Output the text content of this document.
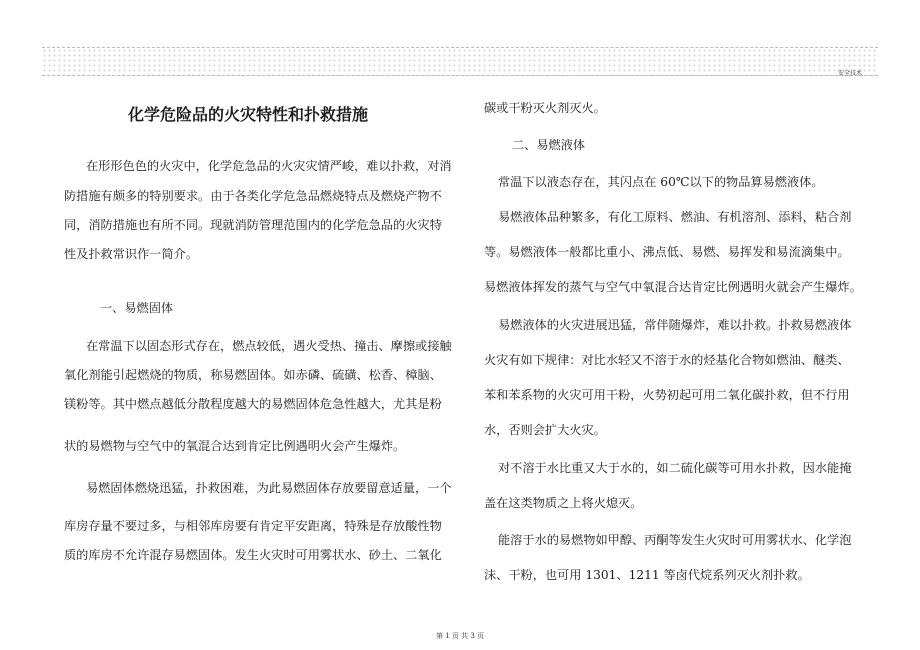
安全技术
化学危险品的火灾特性和扑救措施
在形形色色的火灾中，化学危急品的火灾灾情严峻，难以扑救，对消
防措施有颇多的特别要求。由于各类化学危急品燃烧特点及燃烧产物不
同，消防措施也有所不同。现就消防管理范围内的化学危急品的火灾特
性及扑救常识作一简介。
一、易燃固体
在常温下以固态形式存在，燃点较低，遇火受热、撞击、摩擦或接触
氧化剂能引起燃烧的物质，称易燃固体。如赤磷、硫磺、松香、樟脑、
镁粉等。其中燃点越低分散程度越大的易燃固体危急性越大，尤其是粉
状的易燃物与空气中的氧混合达到肯定比例遇明火会产生爆炸。
易燃固体燃烧迅猛，扑救困难，为此易燃固体存放要留意适量，一个
库房存量不要过多，与相邻库房要有肯定平安距离，特殊是存放酸性物
质的库房不允许混存易燃固体。发生火灾时可用雾状水、砂土、二氧化
碳或干粉灭火剂灭火。
二、易燃液体
常温下以液态存在，其闪点在 60℃以下的物品算易燃液体。
易燃液体品种繁多，有化工原料、燃油、有机溶剂、添料，粘合剂
等。易燃液体一般都比重小、沸点低、易燃、易挥发和易流滴集中。
易燃液体挥发的蒸气与空气中氧混合达肯定比例遇明火就会产生爆炸。
易燃液体的火灾进展迅猛，常伴随爆炸，难以扑救。扑救易燃液体
火灾有如下规律：对比水轻又不溶于水的烃基化合物如燃油、醚类、
苯和苯系物的火灾可用干粉，火势初起可用二氧化碳扑救，但不行用
水，否则会扩大火灾。
对不溶于水比重又大于水的，如二硫化碳等可用水扑救，因水能掩
盖在这类物质之上将火熄灭。
能溶于水的易燃物如甲醇、丙酮等发生火灾时可用雾状水、化学泡
沫、干粉，也可用 1301、1211 等卤代烷系列灭火剂扑救。
第 1 页 共 3 页
